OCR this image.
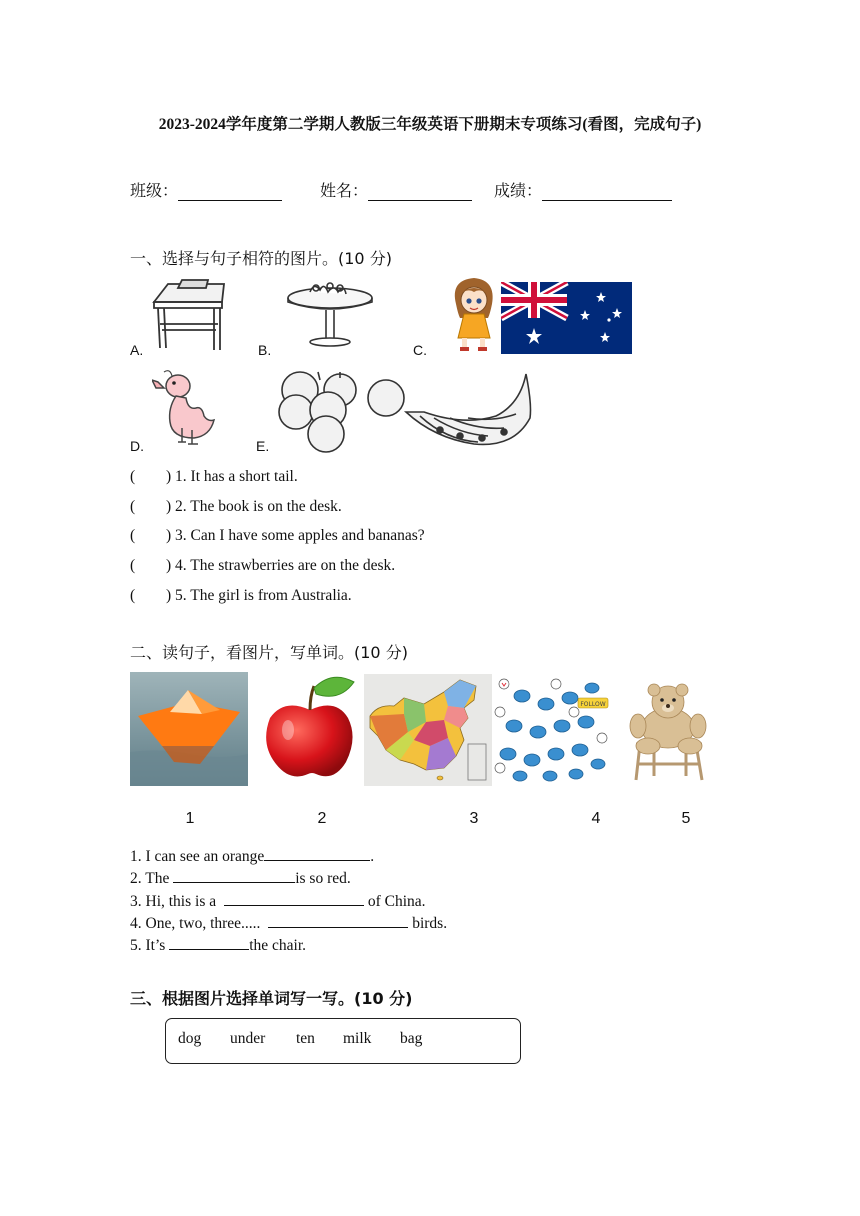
2023-2024学年度第二学期人教版三年级英语下册期末专项练习(看图，完成句子)
班级：	姓名：	成绩：
一、选择与句子相符的图片。(10 分)
A.	B.	C.
D.	E.
( ) 1. It has a short tail.
( ) 2. The book is on the desk.
( ) 3. Can I have some apples and bananas?
( ) 4. The strawberries are on the desk.
( ) 5. The girl is from Australia.
二、读句子，看图片，写单词。(10 分)
FOLLOW
1	2	3	4	5
1. I can see an orange	.
2. The	is so red.
3. Hi, this is a	of China.
4. One, two, three.....	birds.
5. It’s	the chair.
三、根据图片选择单词写一写。(10 分)
dog under ten milk bag
